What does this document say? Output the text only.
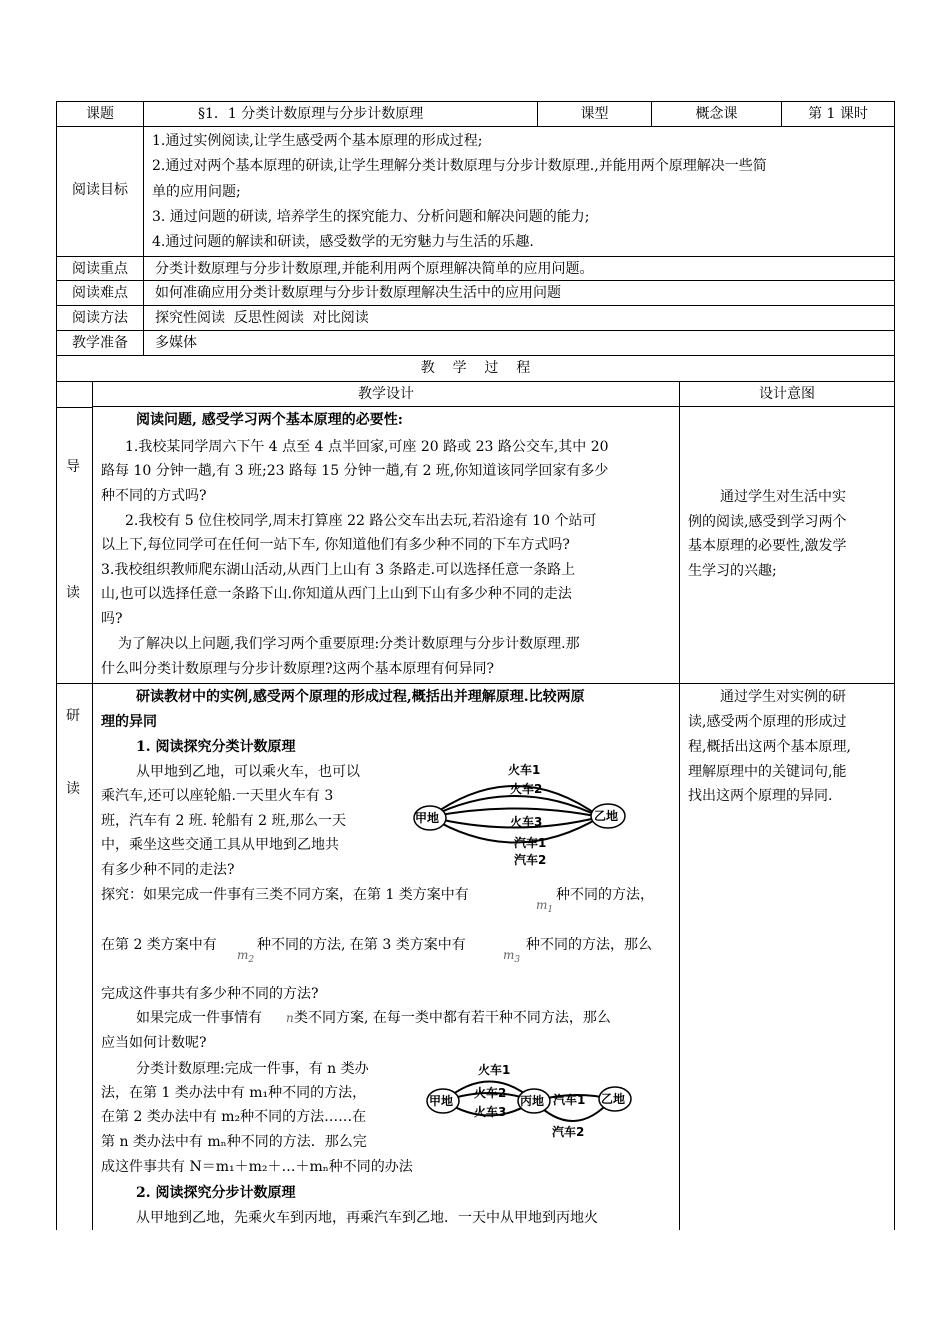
课题	§1．1 分类计数原理与分步计数原理	课型	概念课	第 1 课时
阅读目标
1.通过实例阅读,让学生感受两个基本原理的形成过程;
2.通过对两个基本原理的研读,让学生理解分类计数原理与分步计数原理.,并能用两个原理解决一些简
单的应用问题;
3. 通过问题的研读, 培养学生的探究能力、分析问题和解决问题的能力;
4.通过问题的解读和研读，感受数学的无穷魅力与生活的乐趣.
阅读重点	分类计数原理与分步计数原理,并能利用两个原理解决简单的应用问题。
阅读难点	如何准确应用分类计数原理与分步计数原理解决生活中的应用问题
阅读方法	探究性阅读  反思性阅读  对比阅读
教学准备	多媒体
教    学    过    程
教学设计	设计意图
导
读
阅读问题, 感受学习两个基本原理的必要性:
1.我校某同学周六下午 4 点至 4 点半回家,可座 20 路或 23 路公交车,其中 20
路每 10 分钟一趟,有 3 班;23 路每 15 分钟一趟,有 2 班,你知道该同学回家有多少
种不同的方式吗?
2.我校有 5 位住校同学,周末打算座 22 路公交车出去玩,若沿途有 10 个站可
以上下,每位同学可在任何一站下车, 你知道他们有多少种不同的下车方式吗?
3.我校组织教师爬东湖山活动,从西门上山有 3 条路走.可以选择任意一条路上
山,也可以选择任意一条路下山.你知道从西门上山到下山有多少种不同的走法
吗?
为了解决以上问题,我们学习两个重要原理:分类计数原理与分步计数原理.那
什么叫分类计数原理与分步计数原理?这两个基本原理有何异同?
通过学生对生活中实
例的阅读,感受到学习两个
基本原理的必要性,激发学
生学习的兴趣;
研
读
研读教材中的实例,感受两个原理的形成过程,概括出并理解原理.比较两原
理的异同
1. 阅读探究分类计数原理
从甲地到乙地，可以乘火车，也可以
乘汽车,还可以座轮船.一天里火车有 3
班，汽车有 2 班. 轮船有 2 班,那么一天
中，乘坐这些交通工具从甲地到乙地共
有多少种不同的走法?
甲地	乙地
火车1
火车2
火车3
汽车1
汽车2
探究：如果完成一件事有三类不同方案，在第 1 类方案中有
$m_1$
种不同的方法，
在第 2 类方案中有
$m_2$
种不同的方法, 在第 3 类方案中有
$m_3$
种不同的方法，那么
完成这件事共有多少种不同的方法?
如果完成一件事情有 n 类不同方案, 在每一类中都有若干种不同方法，那么
应当如何计数呢?
分类计数原理:完成一件事，有 n 类办
法，在第 1 类办法中有 m₁种不同的方法，
在第 2 类办法中有 m₂种不同的方法……在
第 n 类办法中有 mₙ种不同的方法．那么完
成这件事共有 N＝m₁＋m₂＋…＋mₙ种不同的办法
甲地	丙地	乙地
火车1
火车2
火车3
汽车1
汽车2
2. 阅读探究分步计数原理
从甲地到乙地，先乘火车到丙地，再乘汽车到乙地．一天中从甲地到丙地火
通过学生对实例的研
读,感受两个原理的形成过
程,概括出这两个基本原理,
理解原理中的关键词句,能
找出这两个原理的异同.
